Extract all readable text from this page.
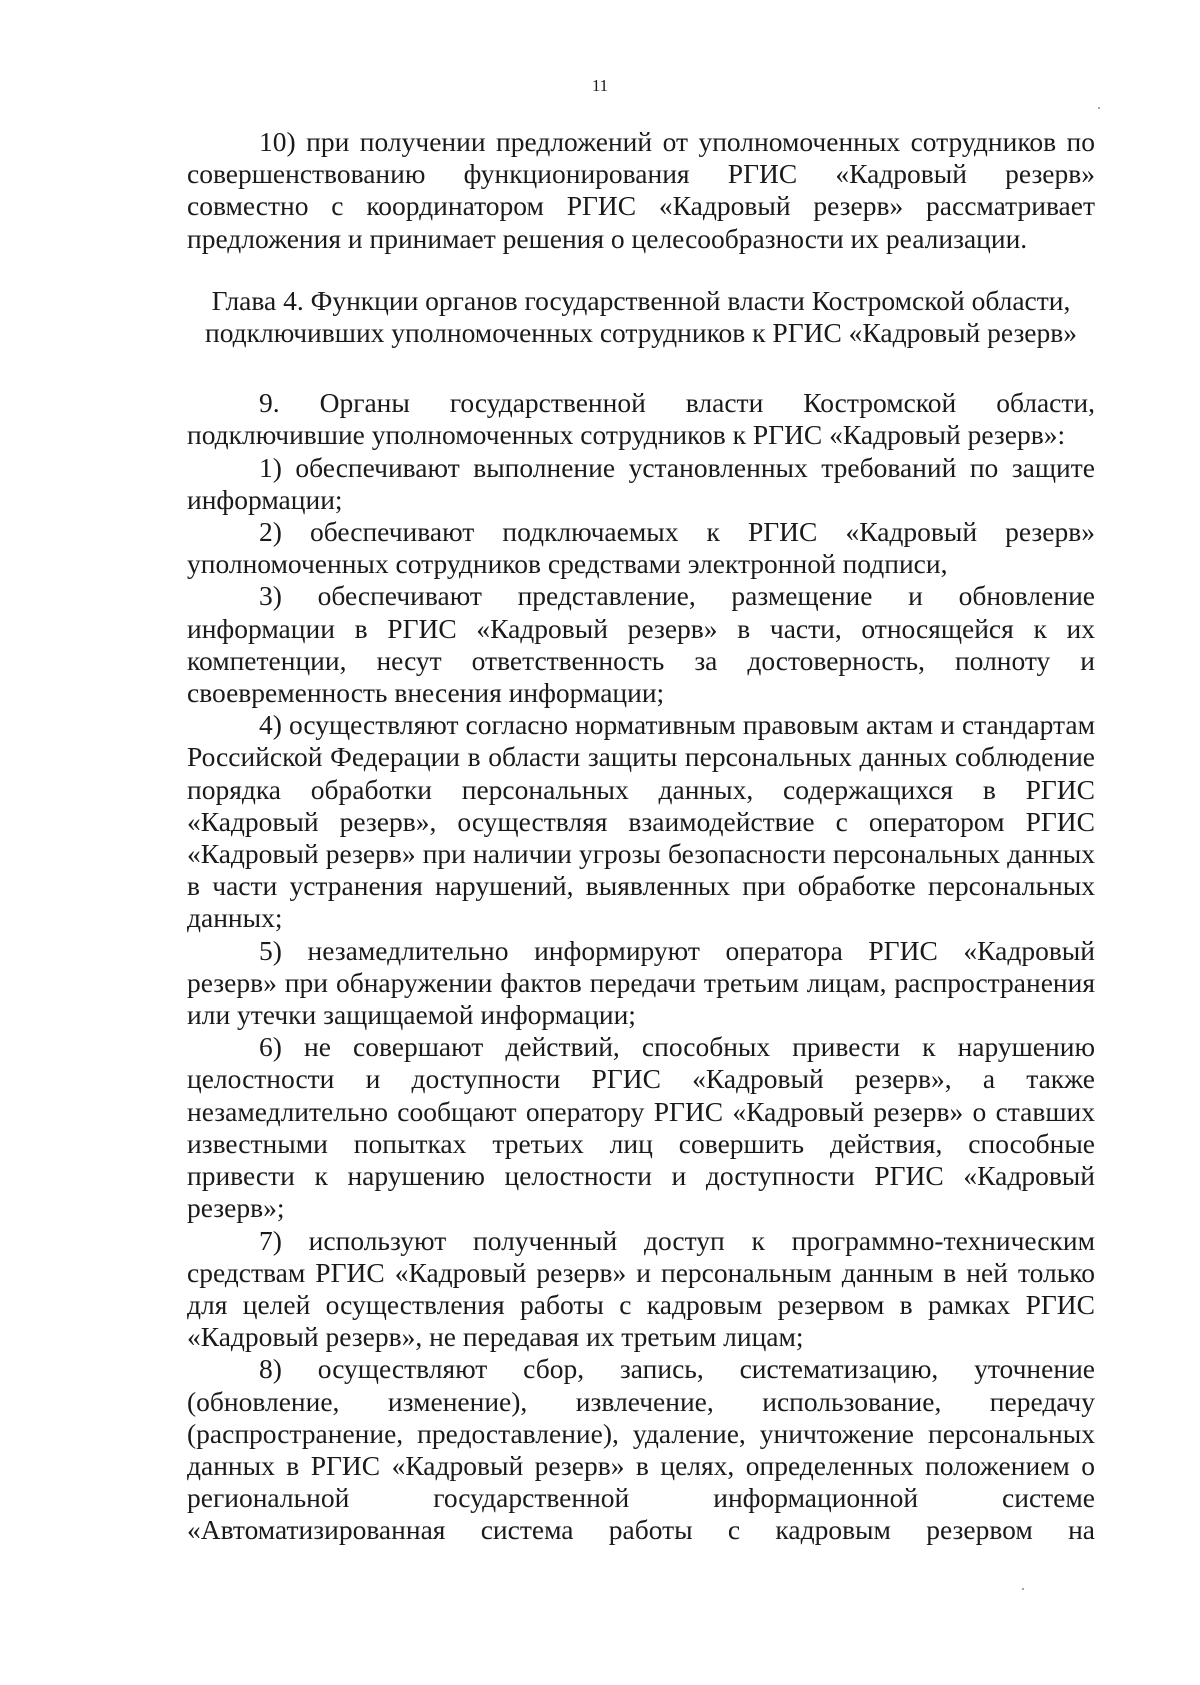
11

10) при получении предложений от уполномоченных сотрудников по совершенствованию функционирования РГИС «Кадровый резерв» совместно с координатором РГИС «Кадровый резерв» рассматривает предложения и принимает решения о целесообразности их реализации.

Глава 4. Функции органов государственной власти Костромской области,
подключивших уполномоченных сотрудников к РГИС «Кадровый резерв»

9. Органы государственной власти Костромской области, подключившие уполномоченных сотрудников к РГИС «Кадровый резерв»:

1) обеспечивают выполнение установленных требований по защите информации;

2) обеспечивают подключаемых к РГИС «Кадровый резерв» уполномоченных сотрудников средствами электронной подписи,

3) обеспечивают представление, размещение и обновление информации в РГИС «Кадровый резерв» в части, относящейся к их компетенции, несут ответственность за достоверность, полноту и своевременность внесения информации;

4) осуществляют согласно нормативным правовым актам и стандартам Российской Федерации в области защиты персональных данных соблюдение порядка обработки персональных данных, содержащихся в РГИС «Кадровый резерв», осуществляя взаимодействие с оператором РГИС «Кадровый резерв» при наличии угрозы безопасности персональных данных в части устранения нарушений, выявленных при обработке персональных данных;

5) незамедлительно информируют оператора РГИС «Кадровый резерв» при обнаружении фактов передачи третьим лицам, распространения или утечки защищаемой информации;

6) не совершают действий, способных привести к нарушению целостности и доступности РГИС «Кадровый резерв», а также незамедлительно сообщают оператору РГИС «Кадровый резерв» о ставших известными попытках третьих лиц совершить действия, способные привести к нарушению целостности и доступности РГИС «Кадровый резерв»;

7) используют полученный доступ к программно-техническим средствам РГИС «Кадровый резерв» и персональным данным в ней только для целей осуществления работы с кадровым резервом в рамках РГИС «Кадровый резерв», не передавая их третьим лицам;

8) осуществляют сбор, запись, систематизацию, уточнение (обновление, изменение), извлечение, использование, передачу (распространение, предоставление), удаление, уничтожение персональных данных в РГИС «Кадровый резерв» в целях, определенных положением о региональной государственной информационной системе «Автоматизированная система работы с кадровым резервом на
